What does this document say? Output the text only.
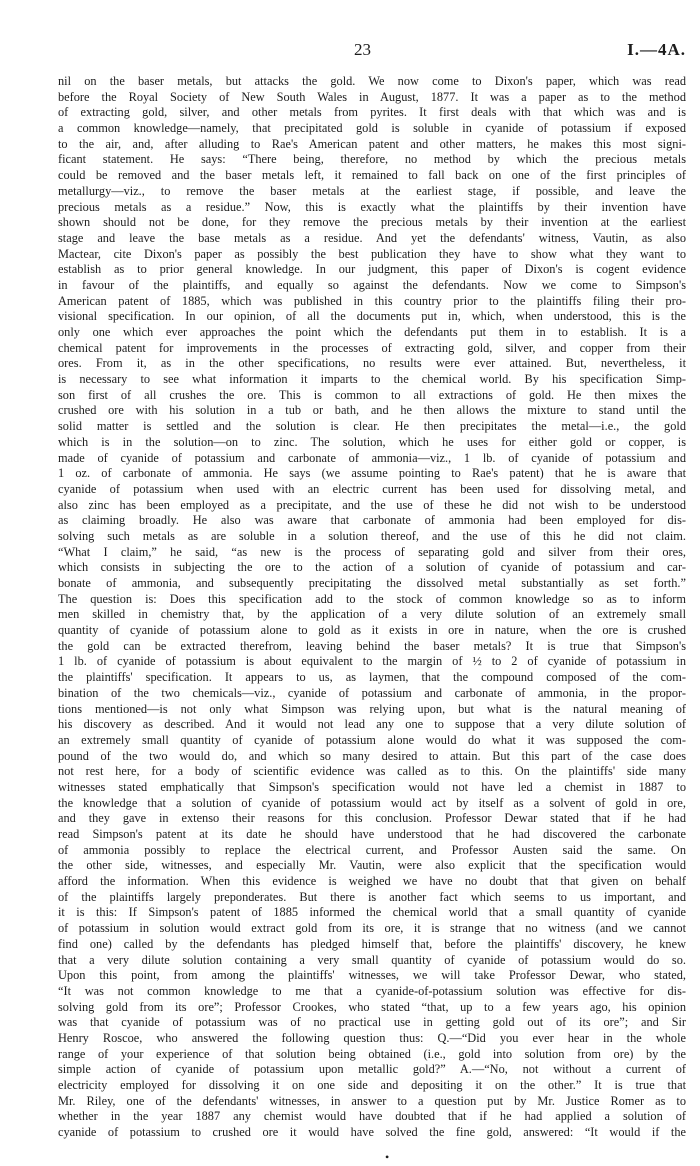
23	I.—4A.
nil on the baser metals, but attacks the gold. We now come to Dixon's paper, which was read
before the Royal Society of New South Wales in August, 1877. It was a paper as to the method
of extracting gold, silver, and other metals from pyrites. It first deals with that which was and is
a common knowledge—namely, that precipitated gold is soluble in cyanide of potassium if exposed
to the air, and, after alluding to Rae's American patent and other matters, he makes this most signi-
ficant statement. He says: “There being, therefore, no method by which the precious metals
could be removed and the baser metals left, it remained to fall back on one of the first principles of
metallurgy—viz., to remove the baser metals at the earliest stage, if possible, and leave the
precious metals as a residue.” Now, this is exactly what the plaintiffs by their invention have
shown should not be done, for they remove the precious metals by their invention at the earliest
stage and leave the base metals as a residue. And yet the defendants' witness, Vautin, as also
Mactear, cite Dixon's paper as possibly the best publication they have to show what they want to
establish as to prior general knowledge. In our judgment, this paper of Dixon's is cogent evidence
in favour of the plaintiffs, and equally so against the defendants. Now we come to Simpson's
American patent of 1885, which was published in this country prior to the plaintiffs filing their pro-
visional specification. In our opinion, of all the documents put in, which, when understood, this is the
only one which ever approaches the point which the defendants put them in to establish. It is a
chemical patent for improvements in the processes of extracting gold, silver, and copper from their
ores. From it, as in the other specifications, no results were ever attained. But, nevertheless, it
is necessary to see what information it imparts to the chemical world. By his specification Simp-
son first of all crushes the ore. This is common to all extractions of gold. He then mixes the
crushed ore with his solution in a tub or bath, and he then allows the mixture to stand until the
solid matter is settled and the solution is clear. He then precipitates the metal—i.e., the gold
which is in the solution—on to zinc. The solution, which he uses for either gold or copper, is
made of cyanide of potassium and carbonate of ammonia—viz., 1 lb. of cyanide of potassium and
1 oz. of carbonate of ammonia. He says (we assume pointing to Rae's patent) that he is aware that
cyanide of potassium when used with an electric current has been used for dissolving metal, and
also zinc has been employed as a precipitate, and the use of these he did not wish to be understood
as claiming broadly. He also was aware that carbonate of ammonia had been employed for dis-
solving such metals as are soluble in a solution thereof, and the use of this he did not claim.
“What I claim,” he said, “as new is the process of separating gold and silver from their ores,
which consists in subjecting the ore to the action of a solution of cyanide of potassium and car-
bonate of ammonia, and subsequently precipitating the dissolved metal substantially as set forth.”
The question is: Does this specification add to the stock of common knowledge so as to inform
men skilled in chemistry that, by the application of a very dilute solution of an extremely small
quantity of cyanide of potassium alone to gold as it exists in ore in nature, when the ore is crushed
the gold can be extracted therefrom, leaving behind the baser metals? It is true that Simpson's
1 lb. of cyanide of potassium is about equivalent to the margin of ½ to 2 of cyanide of potassium in
the plaintiffs' specification. It appears to us, as laymen, that the compound composed of the com-
bination of the two chemicals—viz., cyanide of potassium and carbonate of ammonia, in the propor-
tions mentioned—is not only what Simpson was relying upon, but what is the natural meaning of
his discovery as described. And it would not lead any one to suppose that a very dilute solution of
an extremely small quantity of cyanide of potassium alone would do what it was supposed the com-
pound of the two would do, and which so many desired to attain. But this part of the case does
not rest here, for a body of scientific evidence was called as to this. On the plaintiffs' side many
witnesses stated emphatically that Simpson's specification would not have led a chemist in 1887 to
the knowledge that a solution of cyanide of potassium would act by itself as a solvent of gold in ore,
and they gave in extenso their reasons for this conclusion. Professor Dewar stated that if he had
read Simpson's patent at its date he should have understood that he had discovered the carbonate
of ammonia possibly to replace the electrical current, and Professor Austen said the same. On
the other side, witnesses, and especially Mr. Vautin, were also explicit that the specification would
afford the information. When this evidence is weighed we have no doubt that that given on behalf
of the plaintiffs largely preponderates. But there is another fact which seems to us important, and
it is this: If Simpson's patent of 1885 informed the chemical world that a small quantity of cyanide
of potassium in solution would extract gold from its ore, it is strange that no witness (and we cannot
find one) called by the defendants has pledged himself that, before the plaintiffs' discovery, he knew
that a very dilute solution containing a very small quantity of cyanide of potassium would do so.
Upon this point, from among the plaintiffs' witnesses, we will take Professor Dewar, who stated,
“It was not common knowledge to me that a cyanide-of-potassium solution was effective for dis-
solving gold from its ore”; Professor Crookes, who stated “that, up to a few years ago, his opinion
was that cyanide of potassium was of no practical use in getting gold out of its ore”; and Sir
Henry Roscoe, who answered the following question thus: Q.—“Did you ever hear in the whole
range of your experience of that solution being obtained (i.e., gold into solution from ore) by the
simple action of cyanide of potassium upon metallic gold?” A.—“No, not without a current of
electricity employed for dissolving it on one side and depositing it on the other.” It is true that
Mr. Riley, one of the defendants' witnesses, in answer to a question put by Mr. Justice Romer as to
whether in the year 1887 any chemist would have doubted that if he had applied a solution of
cyanide of potassium to crushed ore it would have solved the fine gold, answered: “It would if the
•
